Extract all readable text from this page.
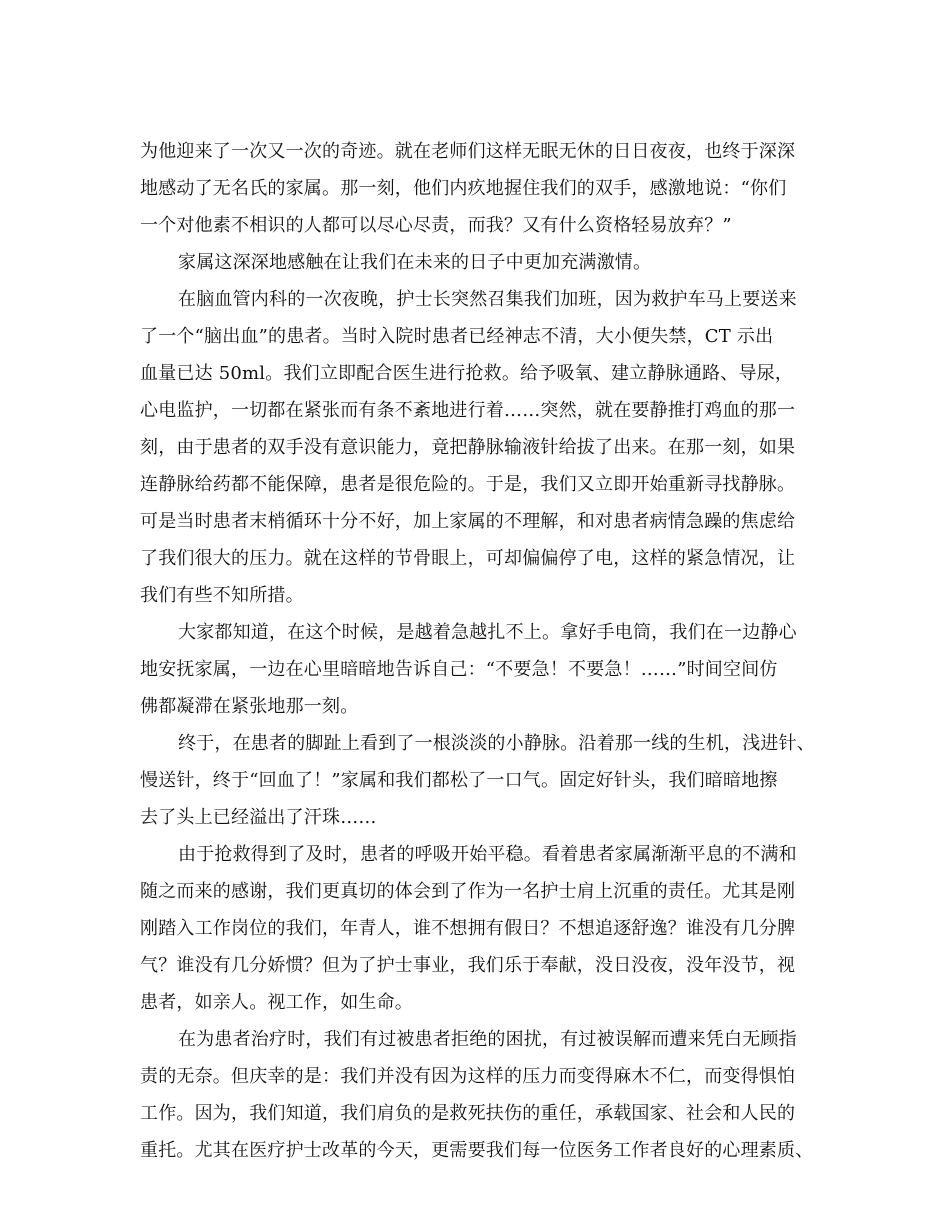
为他迎来了一次又一次的奇迹。就在老师们这样无眠无休的日日夜夜，也终于深深
地感动了无名氏的家属。那一刻，他们内疚地握住我们的双手，感激地说：“你们
一个对他素不相识的人都可以尽心尽责，而我？又有什么资格轻易放弃？”
家属这深深地感触在让我们在未来的日子中更加充满激情。
在脑血管内科的一次夜晚，护士长突然召集我们加班，因为救护车马上要送来
了一个“脑出血”的患者。当时入院时患者已经神志不清，大小便失禁，CT 示出
血量已达 50ml。我们立即配合医生进行抢救。给予吸氧、建立静脉通路、导尿，
心电监护，一切都在紧张而有条不紊地进行着……突然，就在要静推打鸡血的那一
刻，由于患者的双手没有意识能力，竟把静脉输液针给拔了出来。在那一刻，如果
连静脉给药都不能保障，患者是很危险的。于是，我们又立即开始重新寻找静脉。
可是当时患者末梢循环十分不好，加上家属的不理解，和对患者病情急躁的焦虑给
了我们很大的压力。就在这样的节骨眼上，可却偏偏停了电，这样的紧急情况，让
我们有些不知所措。
大家都知道，在这个时候，是越着急越扎不上。拿好手电筒，我们在一边静心
地安抚家属，一边在心里暗暗地告诉自己：“不要急！不要急！……”时间空间仿
佛都凝滞在紧张地那一刻。
终于，在患者的脚趾上看到了一根淡淡的小静脉。沿着那一线的生机，浅进针、
慢送针，终于“回血了！”家属和我们都松了一口气。固定好针头，我们暗暗地擦
去了头上已经溢出了汗珠……
由于抢救得到了及时，患者的呼吸开始平稳。看着患者家属渐渐平息的不满和
随之而来的感谢，我们更真切的体会到了作为一名护士肩上沉重的责任。尤其是刚
刚踏入工作岗位的我们，年青人，谁不想拥有假日？不想追逐舒逸？谁没有几分脾
气？谁没有几分娇惯？但为了护士事业，我们乐于奉献，没日没夜，没年没节，视
患者，如亲人。视工作，如生命。
在为患者治疗时，我们有过被患者拒绝的困扰，有过被误解而遭来凭白无顾指
责的无奈。但庆幸的是：我们并没有因为这样的压力而变得麻木不仁，而变得惧怕
工作。因为，我们知道，我们肩负的是救死扶伤的重任，承载国家、社会和人民的
重托。尤其在医疗护士改革的今天，更需要我们每一位医务工作者良好的心理素质、
